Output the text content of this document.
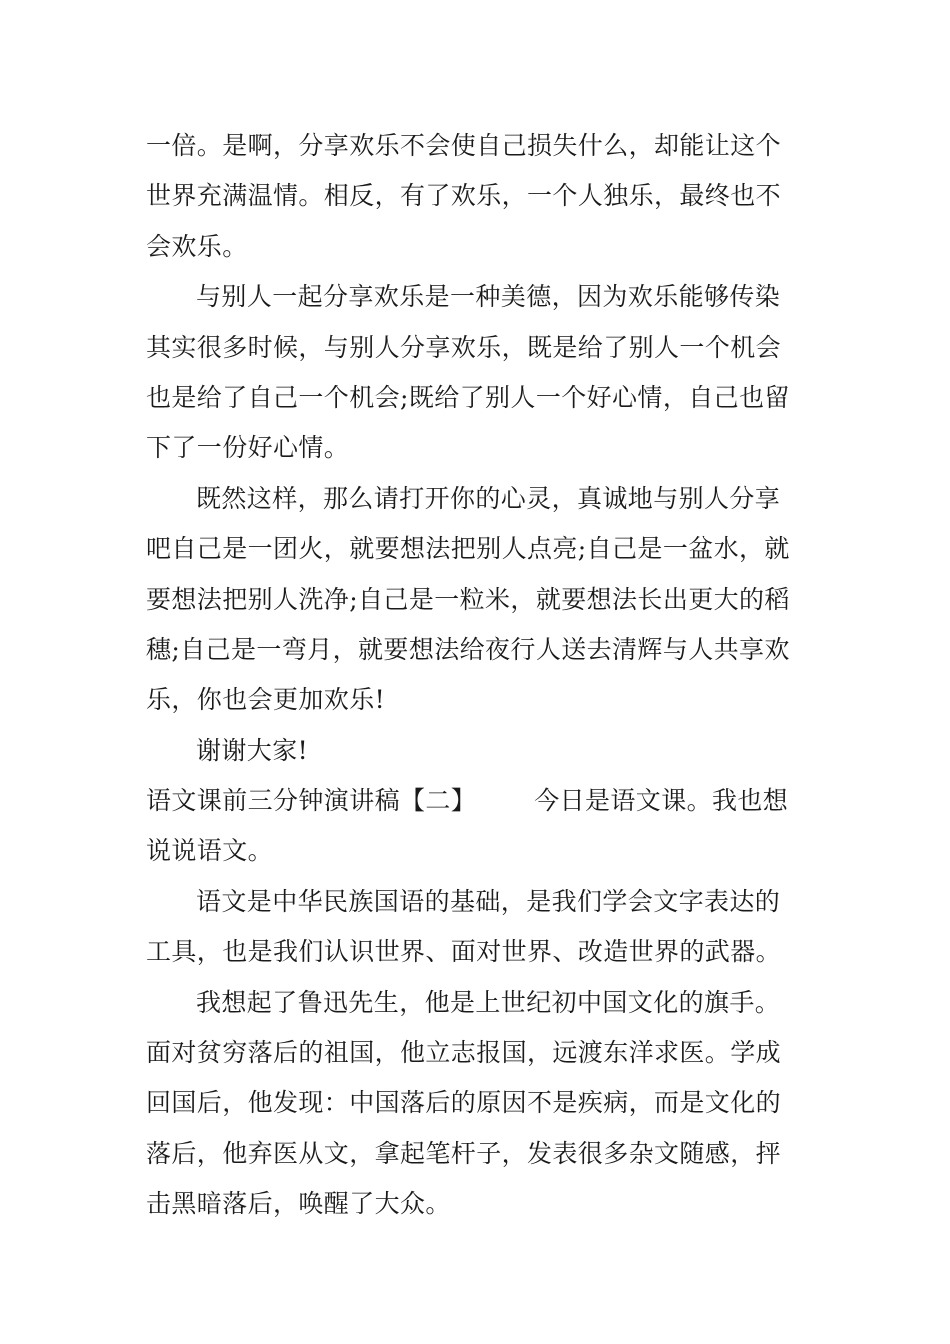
一倍。是啊，分享欢乐不会使自己损失什么，却能让这个
世界充满温情。相反，有了欢乐，一个人独乐，最终也不
会欢乐。
与别人一起分享欢乐是一种美德，因为欢乐能够传染
其实很多时候，与别人分享欢乐，既是给了别人一个机会
也是给了自己一个机会;既给了别人一个好心情，自己也留
下了一份好心情。
既然这样，那么请打开你的心灵，真诚地与别人分享
吧自己是一团火，就要想法把别人点亮;自己是一盆水，就
要想法把别人洗净;自己是一粒米，就要想法长出更大的稻
穗;自己是一弯月，就要想法给夜行人送去清辉与人共享欢
乐，你也会更加欢乐!
谢谢大家!
语文课前三分钟演讲稿【二】 今日是语文课。我也想
说说语文。
语文是中华民族国语的基础，是我们学会文字表达的
工具，也是我们认识世界、面对世界、改造世界的武器。
我想起了鲁迅先生，他是上世纪初中国文化的旗手。
面对贫穷落后的祖国，他立志报国，远渡东洋求医。学成
回国后，他发现：中国落后的原因不是疾病，而是文化的
落后，他弃医从文，拿起笔杆子，发表很多杂文随感，抨
击黑暗落后，唤醒了大众。
